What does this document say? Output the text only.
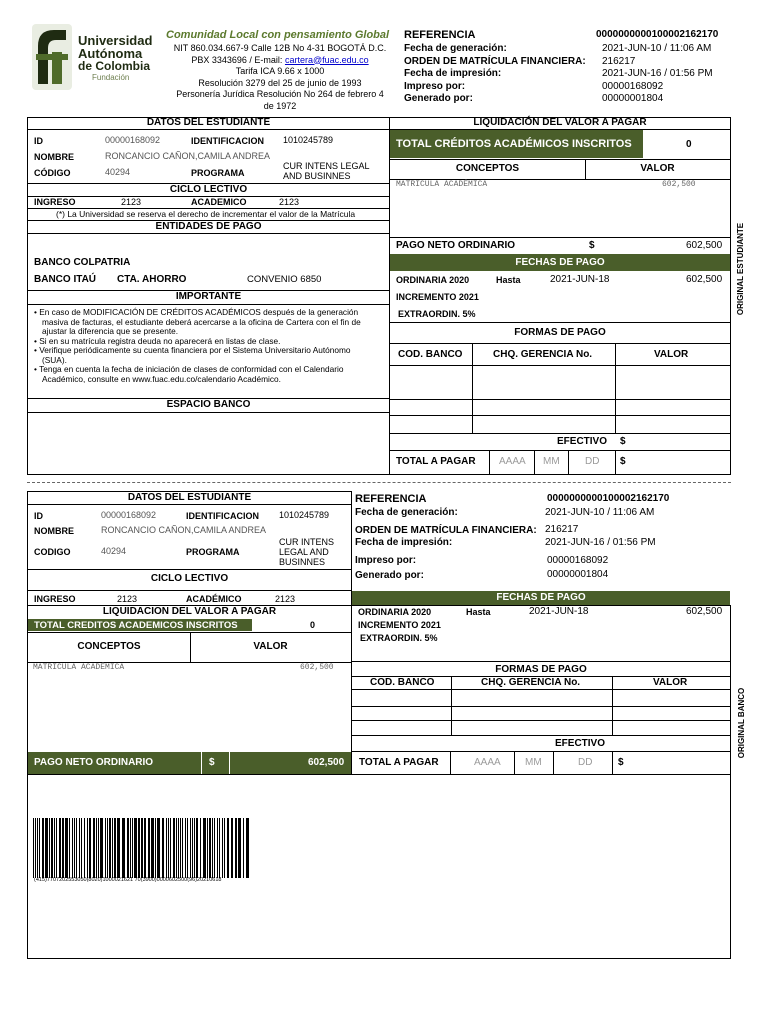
Universidad
Autónoma
de Colombia
Fundación
Comunidad Local con pensamiento Global
NIT 860.034.667-9 Calle 12B No 4-31 BOGOTÁ D.C.
PBX 3343696 / E-mail: cartera@fuac.edu.co
Tarifa ICA 9.66 x 1000
Resolución 3279 del 25 de junio de 1993
Personería Jurídica Resolución No 264 de febrero 4
de 1972
REFERENCIA	0000000000100002162170
Fecha de generación:	2021-JUN-10 / 11:06 AM
ORDEN DE MATRÍCULA FINANCIERA: 216217
Fecha de impresión:	2021-JUN-16 / 01:56 PM
Impreso por:	00000168092
Generado por:	00000001804
DATOS DEL ESTUDIANTE
ID	00000168092	IDENTIFICACION 1010245789
NOMBRE	RONCANCIO CAÑON,CAMILA ANDREA
CÓDIGO	40294	PROGRAMA
CUR INTENS LEGAL
AND BUSINNES
CICLO LECTIVO
INGRESO	2123	ACADEMICO	2123
(*) La Universidad se reserva el derecho de incrementar el valor de la Matrícula
ENTIDADES DE PAGO
BANCO COLPATRIA
BANCO ITAÚ CTA. AHORRO	CONVENIO 6850
IMPORTANTE
• En caso de MODIFICACIÓN DE CRÉDITOS ACADÉMICOS después de la generación
masiva de facturas, el estudiante deberá acercarse a la oficina de Cartera con el fin de
ajustar la diferencia que se presente.
• Si en su matrícula registra deuda no aparecerá en listas de clase.
• Verifique periódicamente su cuenta financiera por el Sistema Universitario Autónomo
(SUA).
• Tenga en cuenta la fecha de iniciación de clases de conformidad con el Calendario
Académico, consulte en www.fuac.edu.co/calendario Académico.
ESPACIO BANCO
LIQUIDACIÓN DEL VALOR A PAGAR
TOTAL CRÉDITOS ACADÉMICOS INSCRITOS	0
CONCEPTOS	VALOR
MATRICULA ACADÉMICA	602,500
PAGO NETO ORDINARIO	$	602,500
FECHAS DE PAGO
ORDINARIA 2020	Hasta	2021-JUN-18	602,500
INCREMENTO 2021
EXTRAORDIN. 5%
FORMAS DE PAGO
COD. BANCO	CHQ. GERENCIA No.	VALOR
EFECTIVO $
TOTAL A PAGAR AAAA MM	DD $
ORIGINAL ESTUDIANTE
DATOS DEL ESTUDIANTE
ID	00000168092	IDENTIFICACION 1010245789
NOMBRE	RONCANCIO CAÑON,CAMILA ANDREA
CODIGO	40294	PROGRAMA
CUR INTENS
LEGAL AND
BUSINNES
CICLO LECTIVO
INGRESO	2123	ACADÉMICO	2123
LIQUIDACION DEL VALOR A PAGAR
TOTAL CREDITOS ACADEMICOS INSCRITOS	0
CONCEPTOS	VALOR
MATRICULA ACADÉMICA	602,500
PAGO NETO ORDINARIO	$	602,500
REFERENCIA	0000000000100002162170
Fecha de generación:	2021-JUN-10 / 11:06 AM
ORDEN DE MATRÍCULA FINANCIERA: 216217
Fecha de impresión:	2021-JUN-16 / 01:56 PM
Impreso por:	00000168092
Generado por:	00000001804
FECHAS DE PAGO
ORDINARIA 2020	Hasta	2021-JUN-18	602,500
INCREMENTO 2021
EXTRAORDIN. 5%
FORMAS DE PAGO
COD. BANCO	CHQ. GERENCIA No.	VALOR
EFECTIVO
TOTAL A PAGAR	AAAA MM	DD	$
ORIGINAL BANCO
(415)7707202553050(8020)1000021621 70(3900)0000602500(96)20210618
